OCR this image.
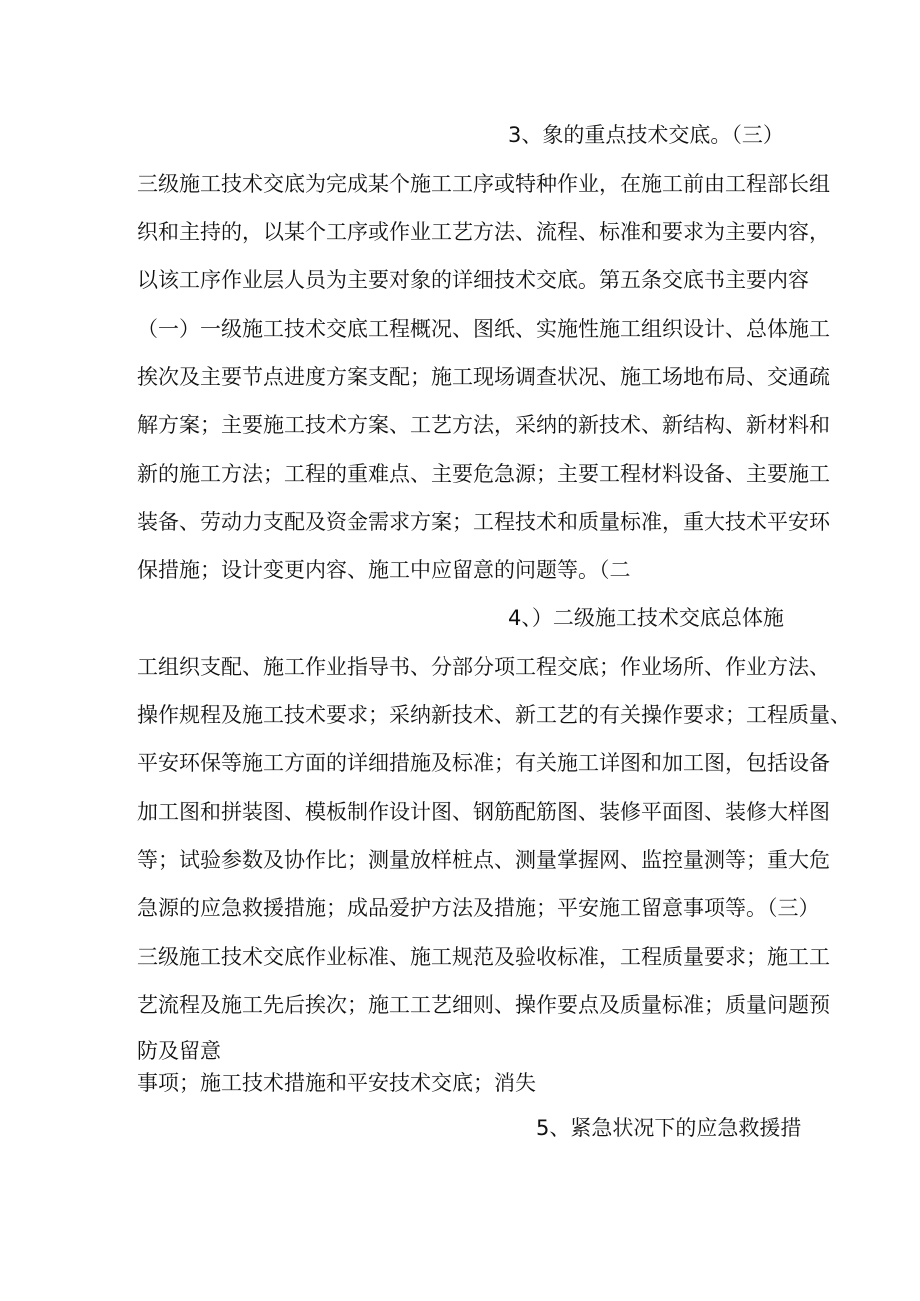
3、象的重点技术交底。（三）
三级施工技术交底为完成某个施工工序或特种作业，在施工前由工程部长组
织和主持的，以某个工序或作业工艺方法、流程、标准和要求为主要内容，
以该工序作业层人员为主要对象的详细技术交底。第五条交底书主要内容
（一）一级施工技术交底工程概况、图纸、实施性施工组织设计、总体施工
挨次及主要节点进度方案支配；施工现场调查状况、施工场地布局、交通疏
解方案；主要施工技术方案、工艺方法，采纳的新技术、新结构、新材料和
新的施工方法；工程的重难点、主要危急源；主要工程材料设备、主要施工
装备、劳动力支配及资金需求方案；工程技术和质量标准，重大技术平安环
保措施；设计变更内容、施工中应留意的问题等。（二
4、）二级施工技术交底总体施
工组织支配、施工作业指导书、分部分项工程交底；作业场所、作业方法、
操作规程及施工技术要求；采纳新技术、新工艺的有关操作要求；工程质量、
平安环保等施工方面的详细措施及标准；有关施工详图和加工图，包括设备
加工图和拼装图、模板制作设计图、钢筋配筋图、装修平面图、装修大样图
等；试验参数及协作比；测量放样桩点、测量掌握网、监控量测等；重大危
急源的应急救援措施；成品爱护方法及措施；平安施工留意事项等。（三）
三级施工技术交底作业标准、施工规范及验收标准，工程质量要求；施工工
艺流程及施工先后挨次；施工工艺细则、操作要点及质量标准；质量问题预
防及留意
事项；施工技术措施和平安技术交底；消失
5、紧急状况下的应急救援措
